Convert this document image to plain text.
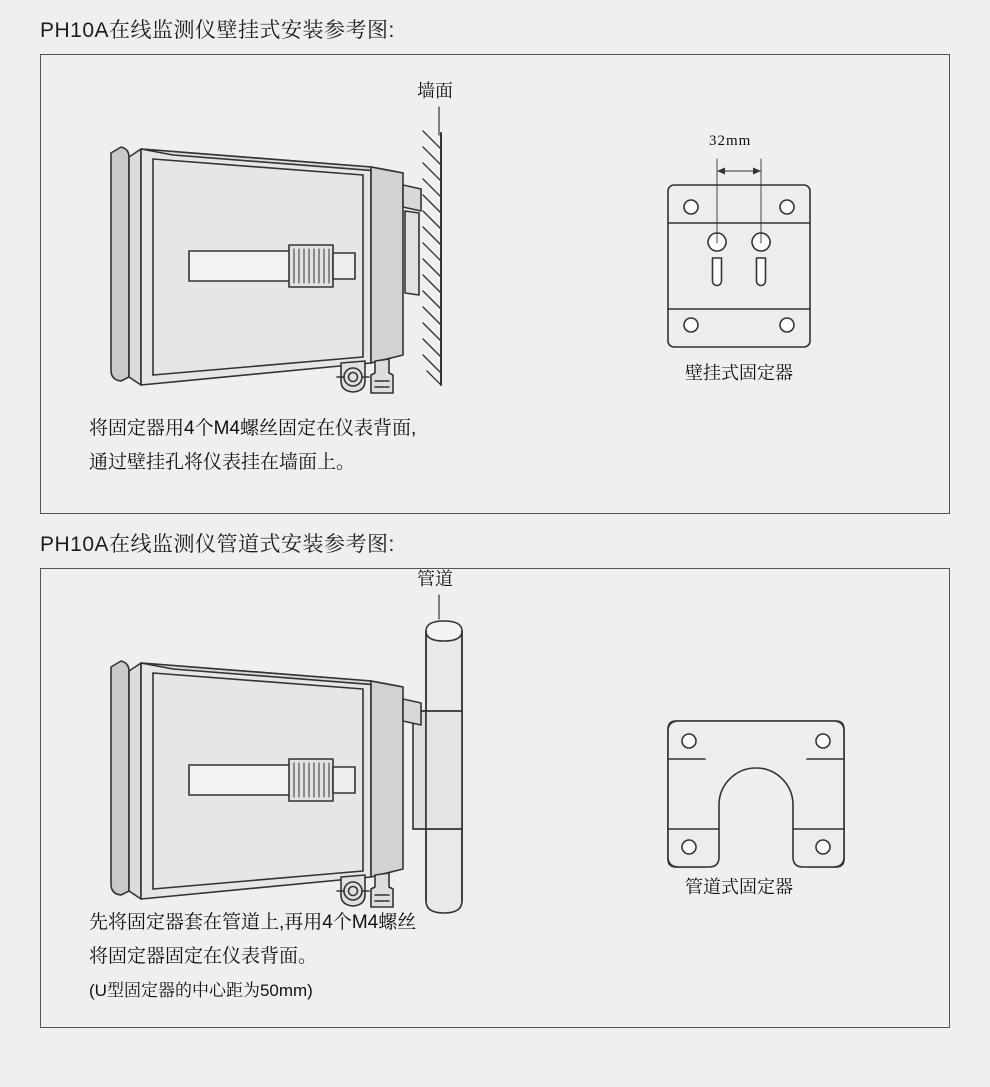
PH10A在线监测仪壁挂式安装参考图:
墙面
32mm
壁挂式固定器
将固定器用4个M4螺丝固定在仪表背面,
通过壁挂孔将仪表挂在墙面上。
PH10A在线监测仪管道式安装参考图:
管道
管道式固定器
先将固定器套在管道上,再用4个M4螺丝
将固定器固定在仪表背面。
(U型固定器的中心距为50mm)
